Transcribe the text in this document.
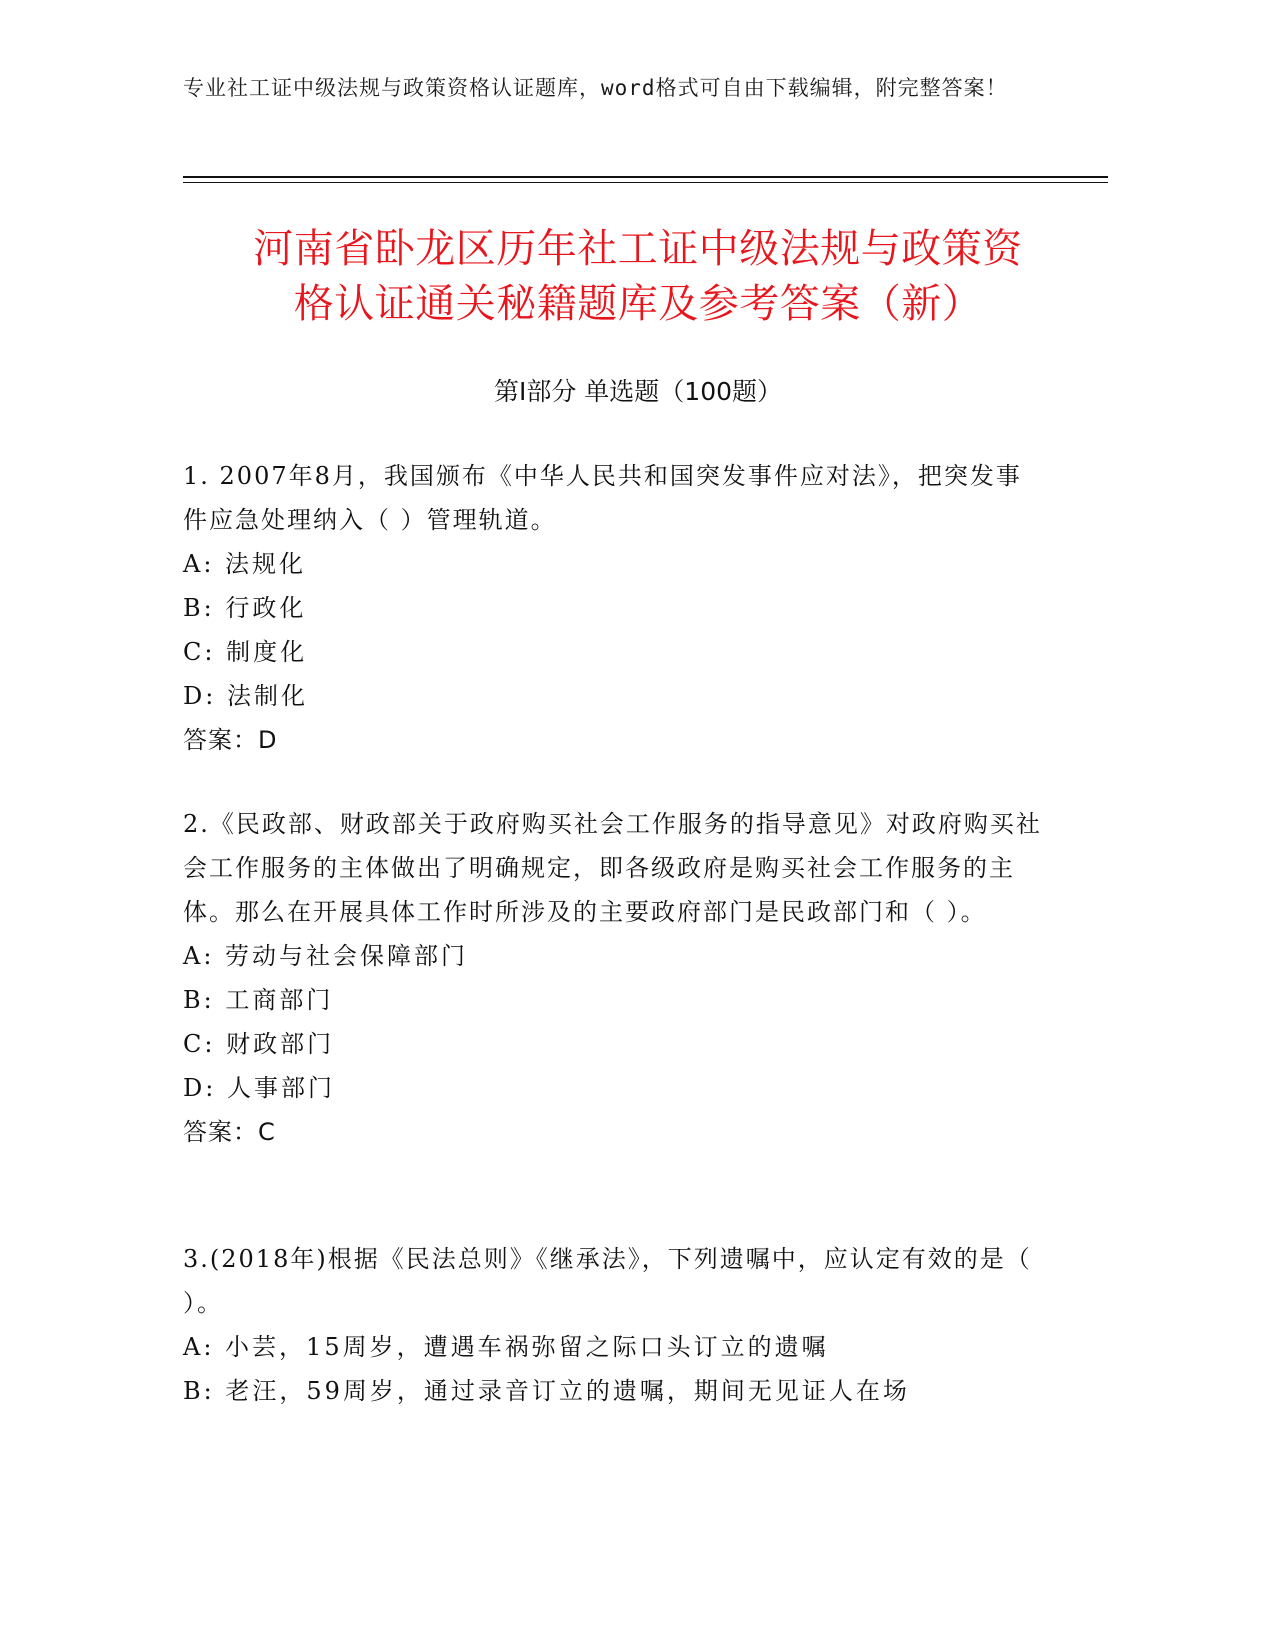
专业社工证中级法规与政策资格认证题库，word格式可自由下载编辑，附完整答案！
河南省卧龙区历年社工证中级法规与政策资
格认证通关秘籍题库及参考答案（新）
第Ⅰ部分 单选题（100题）

1. 2007年8月，我国颁布《中华人民共和国突发事件应对法》，把突发事件应急处理纳入（ ）管理轨道。

A: 法规化

B: 行政化

C: 制度化

D: 法制化

答案：D

2.《民政部、财政部关于政府购买社会工作服务的指导意见》对政府购买社会工作服务的主体做出了明确规定，即各级政府是购买社会工作服务的主体。那么在开展具体工作时所涉及的主要政府部门是民政部门和（ ）。

A: 劳动与社会保障部门

B: 工商部门

C: 财政部门

D: 人事部门

答案：C

3.(2018年)根据《民法总则》《继承法》，下列遗嘱中，应认定有效的是（ ）。

A: 小芸，15周岁，遭遇车祸弥留之际口头订立的遗嘱

B: 老汪，59周岁，通过录音订立的遗嘱，期间无见证人在场
